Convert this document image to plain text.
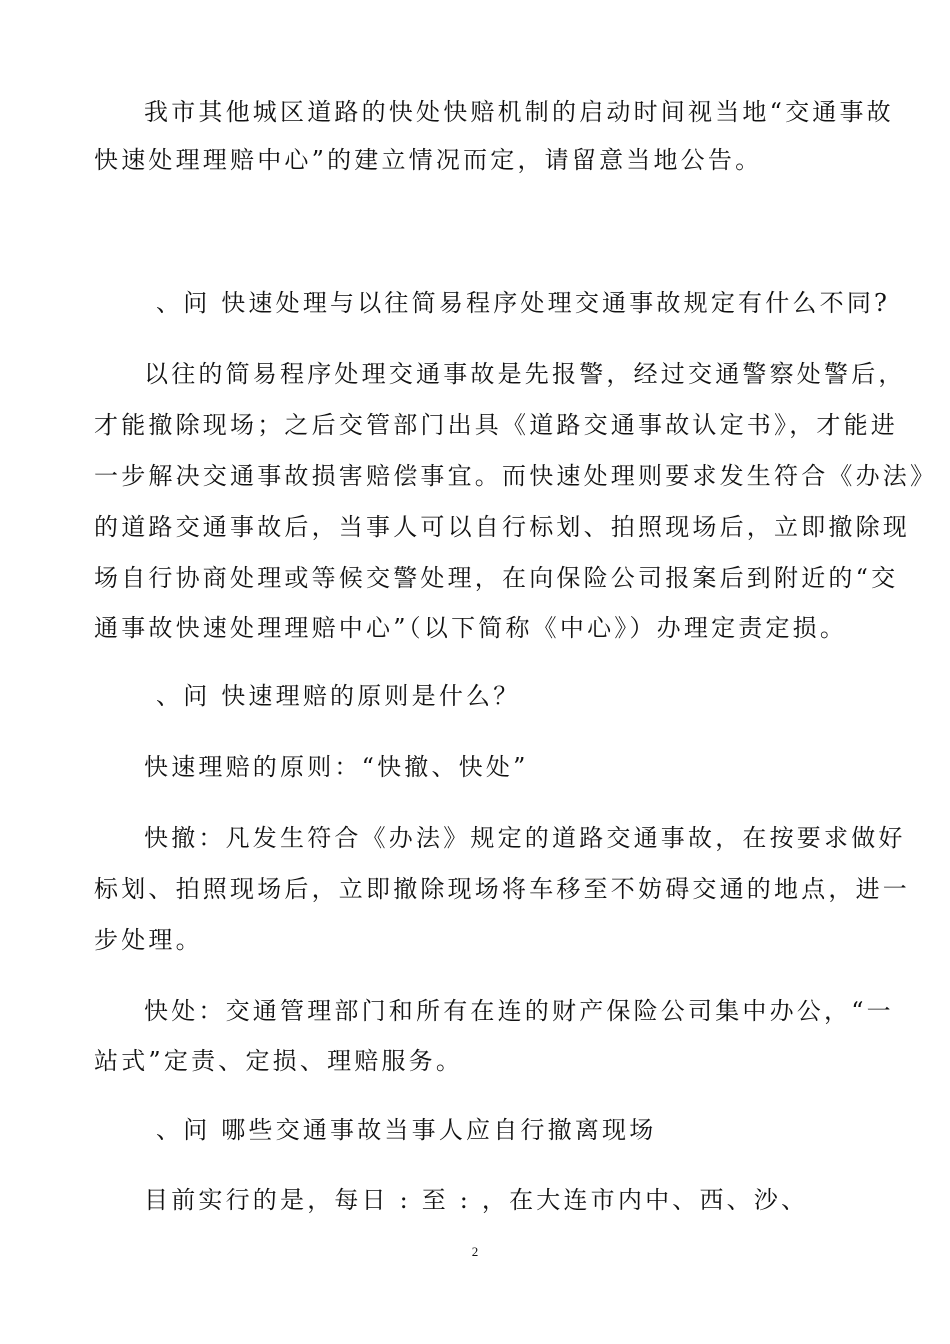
我市其他城区道路的快处快赔机制的启动时间视当地“交通事故
快速处理理赔中心”的建立情况而定，请留意当地公告。
、问 快速处理与以往简易程序处理交通事故规定有什么不同?
以往的简易程序处理交通事故是先报警，经过交通警察处警后，
才能撤除现场；之后交管部门出具《道路交通事故认定书》，才能进
一步解决交通事故损害赔偿事宜。而快速处理则要求发生符合《办法》
的道路交通事故后，当事人可以自行标划、拍照现场后，立即撤除现
场自行协商处理或等候交警处理，在向保险公司报案后到附近的“交
通事故快速处理理赔中心”（以下简称《中心》）办理定责定损。
、问 快速理赔的原则是什么？
快速理赔的原则：“快撤、快处”
快撤：凡发生符合《办法》规定的道路交通事故，在按要求做好
标划、拍照现场后，立即撤除现场将车移至不妨碍交通的地点，进一
步处理。
快处：交通管理部门和所有在连的财产保险公司集中办公，“一
站式”定责、定损、理赔服务。
、问 哪些交通事故当事人应自行撤离现场
目前实行的是，每日 : 至 : ，在大连市内中、西、沙、
2
